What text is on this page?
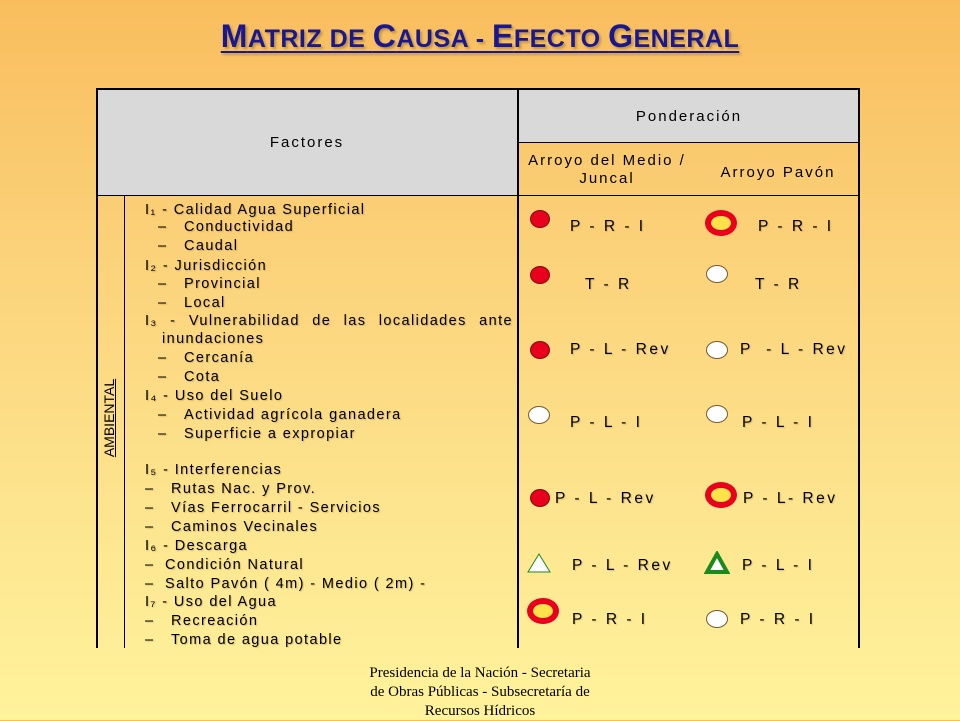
MATRIZ DE CAUSA - EFECTO GENERAL
Factores
Ponderación
Arroyo del Medio / Juncal	Arroyo Pavón
AMBIENTAL
I₁ - Calidad Agua Superficial
– Conductividad
– Caudal
I₂ - Jurisdicción
– Provincial
– Local
I₃ - Vulnerabilidad de las localidades ante
inundaciones
– Cercanía
– Cota
I₄ - Uso del Suelo
– Actividad agrícola ganadera
– Superficie a expropiar
I₅ - Interferencias
– Rutas Nac. y Prov.
– Vías Ferrocarril - Servicios
– Caminos Vecinales
I₆ - Descarga
– Condición Natural
– Salto Pavón ( 4m) - Medio ( 2m) -
I₇ - Uso del Agua
– Recreación
– Toma de agua potable
P - R - I
T - R
P - L - Rev
P - L - I
P - L - Rev
P - L - Rev
P - R - I
P - R - I
T - R
P  - L - Rev
P - L - I
P - L- Rev
P - L - I
P - R - I
Presidencia de la Nación - Secretaria
de Obras Públicas - Subsecretaría de
Recursos Hídricos
